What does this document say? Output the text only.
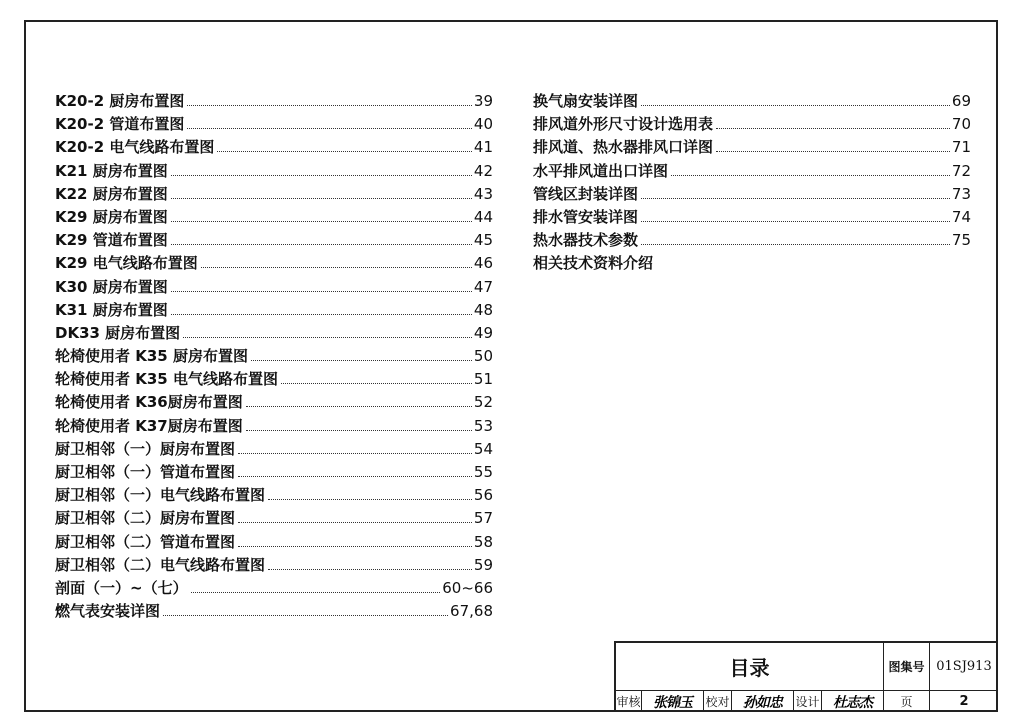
K20-2 厨房布置图	39
K20-2 管道布置图	40
K20-2 电气线路布置图	41
K21 厨房布置图	42
K22 厨房布置图	43
K29 厨房布置图	44
K29 管道布置图	45
K29 电气线路布置图	46
K30 厨房布置图	47
K31 厨房布置图	48
DK33 厨房布置图	49
轮椅使用者 K35 厨房布置图	50
轮椅使用者 K35 电气线路布置图	51
轮椅使用者 K36厨房布置图	52
轮椅使用者 K37厨房布置图	53
厨卫相邻（一）厨房布置图	54
厨卫相邻（一）管道布置图	55
厨卫相邻（一）电气线路布置图	56
厨卫相邻（二）厨房布置图	57
厨卫相邻（二）管道布置图	58
厨卫相邻（二）电气线路布置图	59
剖面（一）~（七）	60~66
燃气表安装详图	67,68
换气扇安装详图	69
排风道外形尺寸设计选用表	70
排风道、热水器排风口详图	71
水平排风道出口详图	72
管线区封装详图	73
排水管安装详图	74
热水器技术参数	75
相关技术资料介绍
目录	图集号 01SJ913
审核 张锦玉	校对 孙如忠	设计 杜志杰	页	2
